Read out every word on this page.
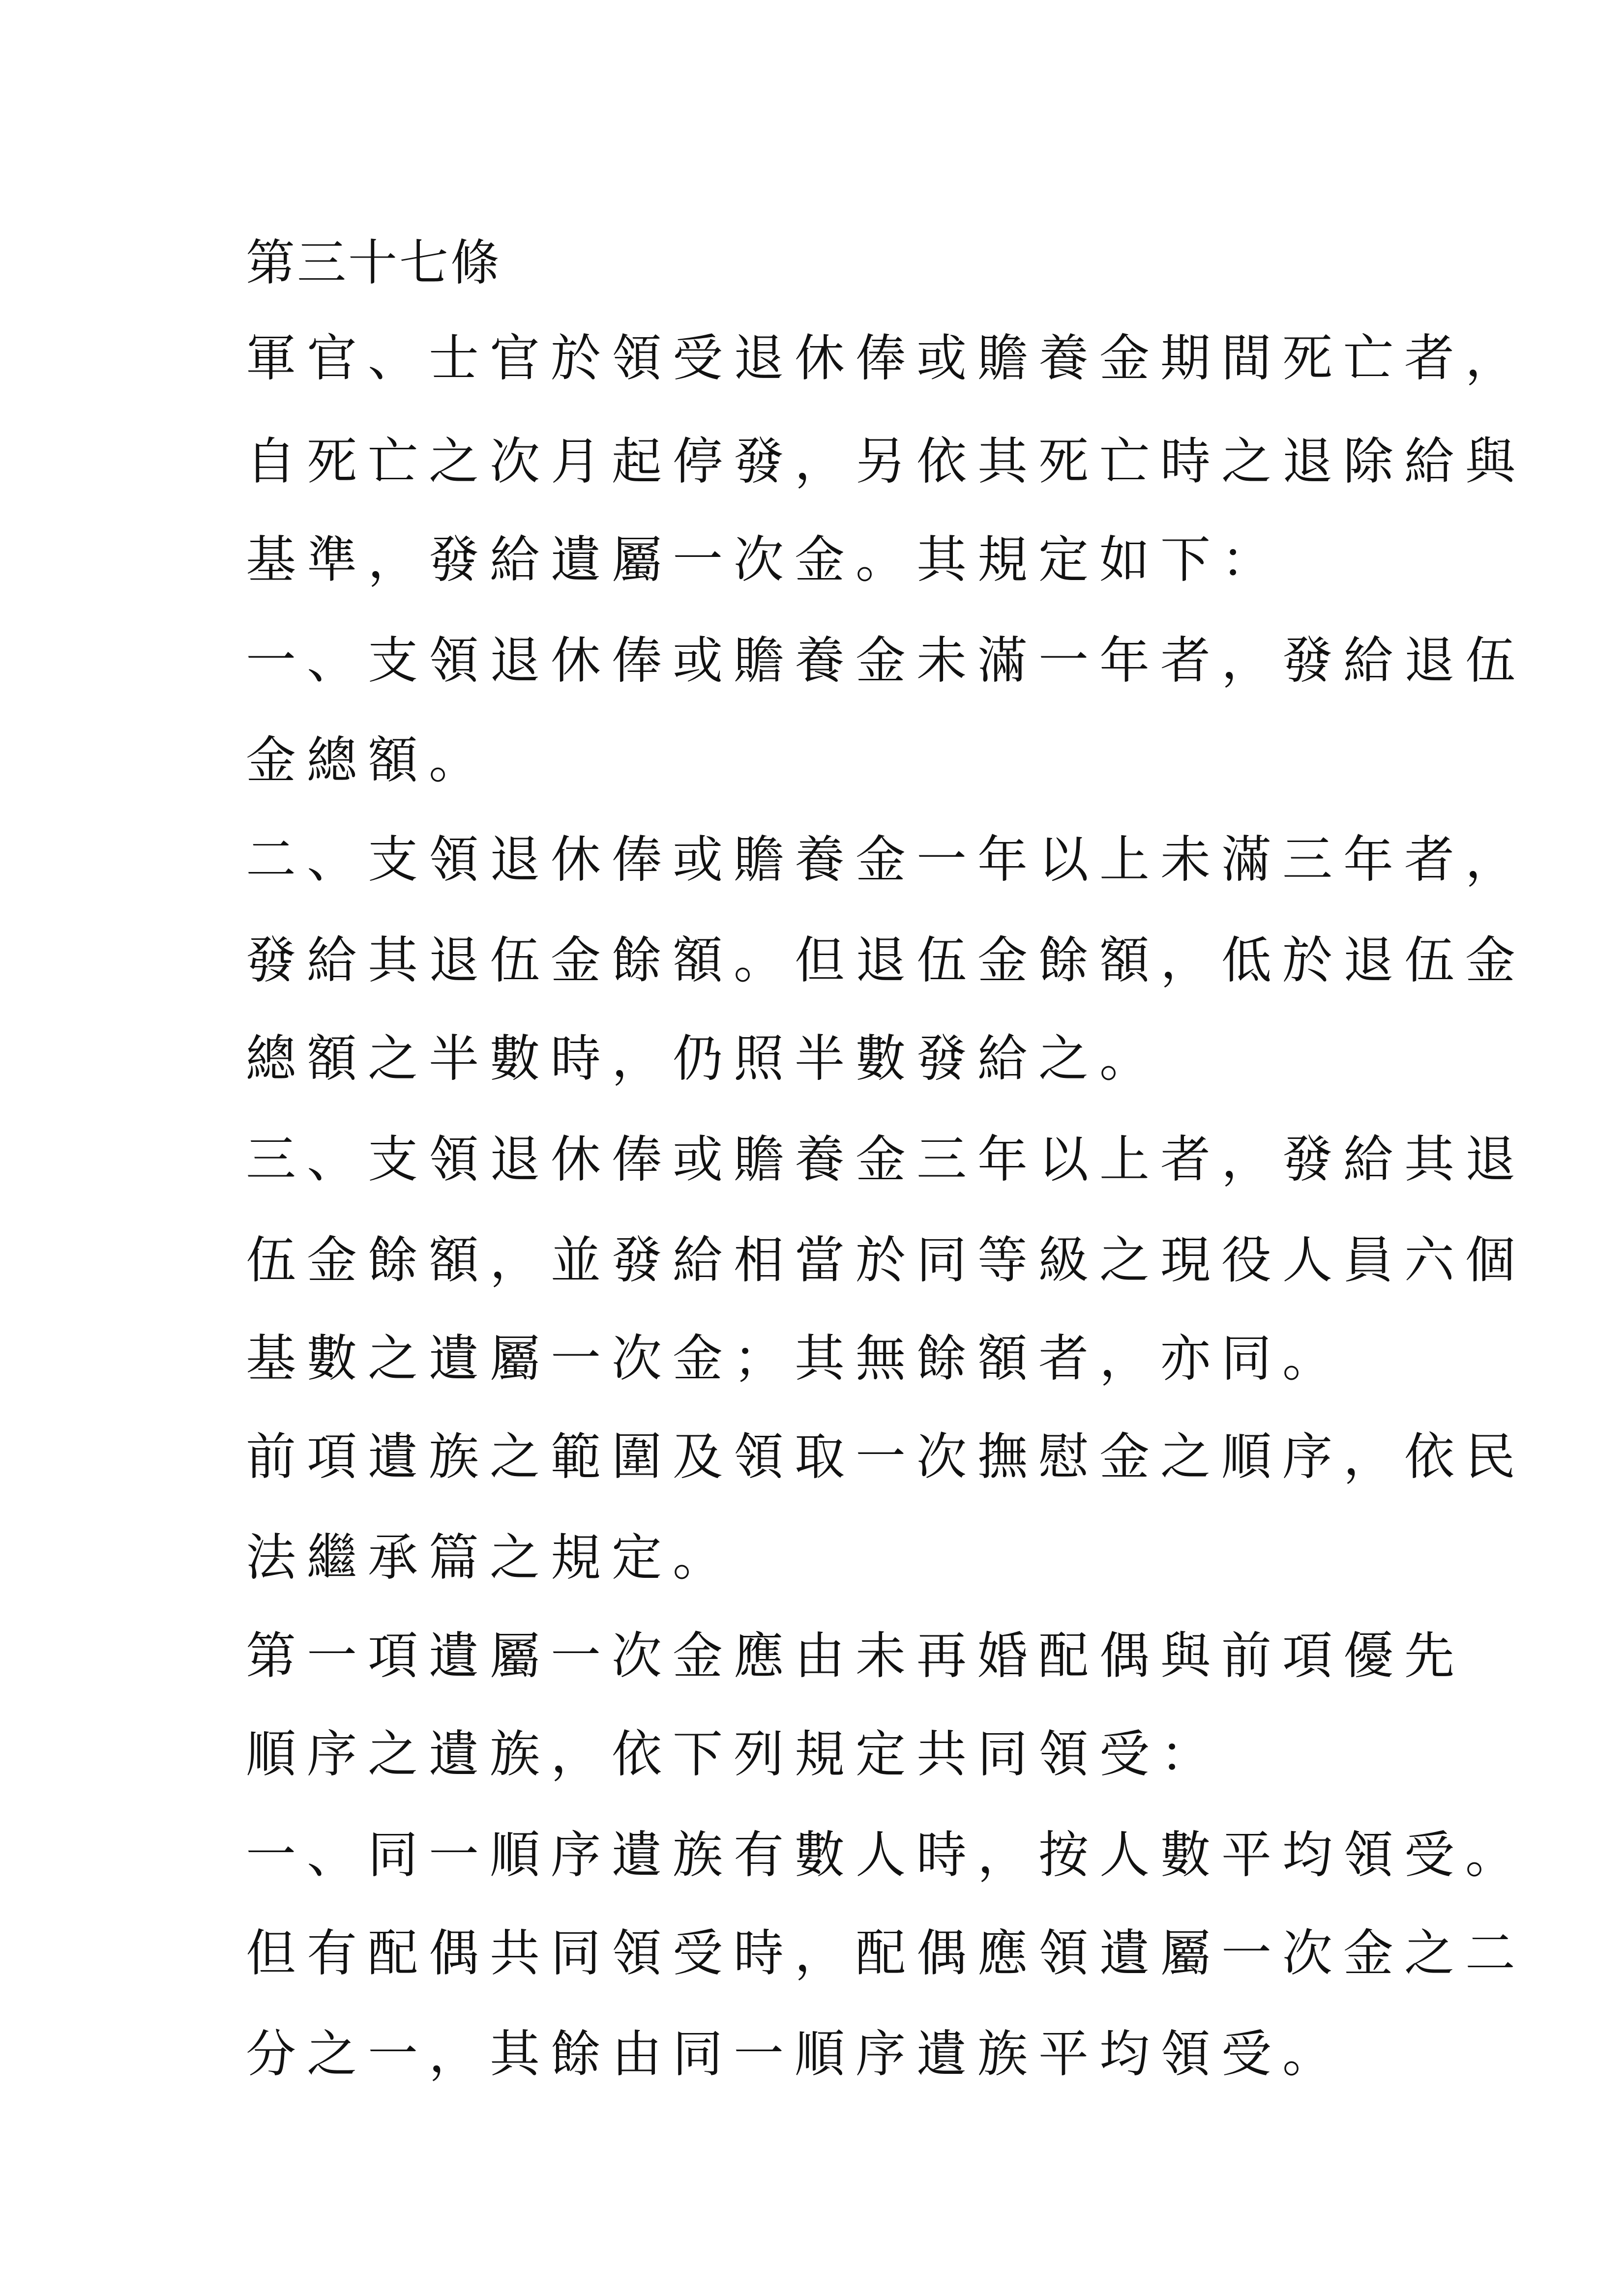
第三十七條
軍官、士官於領受退休俸或贍養金期間死亡者，
自死亡之次月起停發，另依其死亡時之退除給與
基準，發給遺屬一次金。其規定如下：
一、支領退休俸或贍養金未滿一年者，發給退伍
金總額。
二、支領退休俸或贍養金一年以上未滿三年者，
發給其退伍金餘額。但退伍金餘額，低於退伍金
總額之半數時，仍照半數發給之。
三、支領退休俸或贍養金三年以上者，發給其退
伍金餘額，並發給相當於同等級之現役人員六個
基數之遺屬一次金；其無餘額者，亦同。
前項遺族之範圍及領取一次撫慰金之順序，依民
法繼承篇之規定。
第一項遺屬一次金應由未再婚配偶與前項優先
順序之遺族，依下列規定共同領受：
一、同一順序遺族有數人時，按人數平均領受。
但有配偶共同領受時，配偶應領遺屬一次金之二
分之一，其餘由同一順序遺族平均領受。
